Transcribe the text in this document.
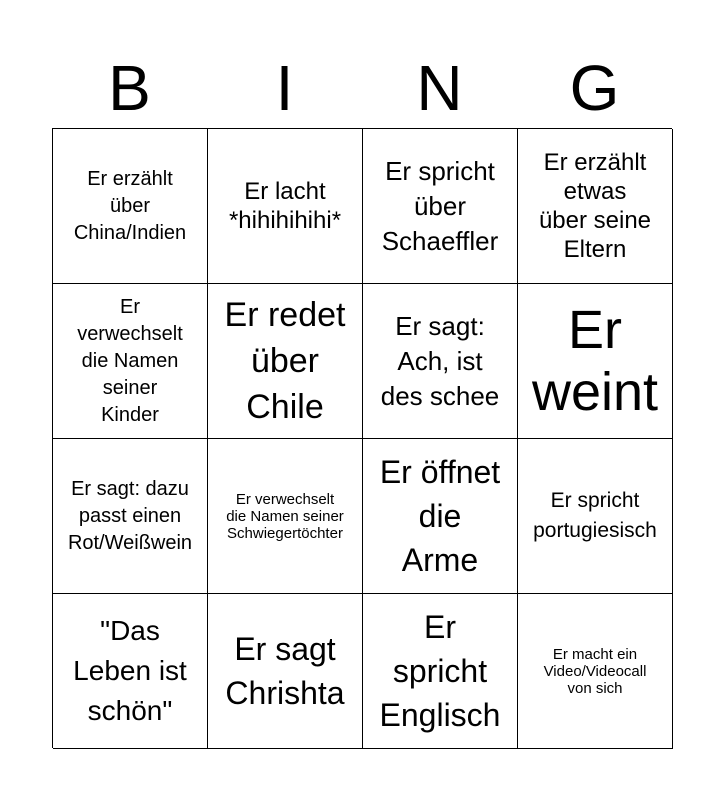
B	I	N	G
Er erzählt
über
China/Indien
Er lacht
*hihihihihi*
Er spricht
über
Schaeffler
Er erzählt
etwas
über seine
Eltern
Er
verwechselt
die Namen
seiner
Kinder
Er redet
über
Chile
Er sagt:
Ach, ist
des schee
Er
weint
Er sagt: dazu
passt einen
Rot/Weißwein
Er verwechselt
die Namen seiner
Schwiegertöchter
Er öffnet
die
Arme
Er spricht
portugiesisch
"Das
Leben ist
schön"
Er sagt
Chrishta
Er
spricht
Englisch
Er macht ein
Video/Videocall
von sich
